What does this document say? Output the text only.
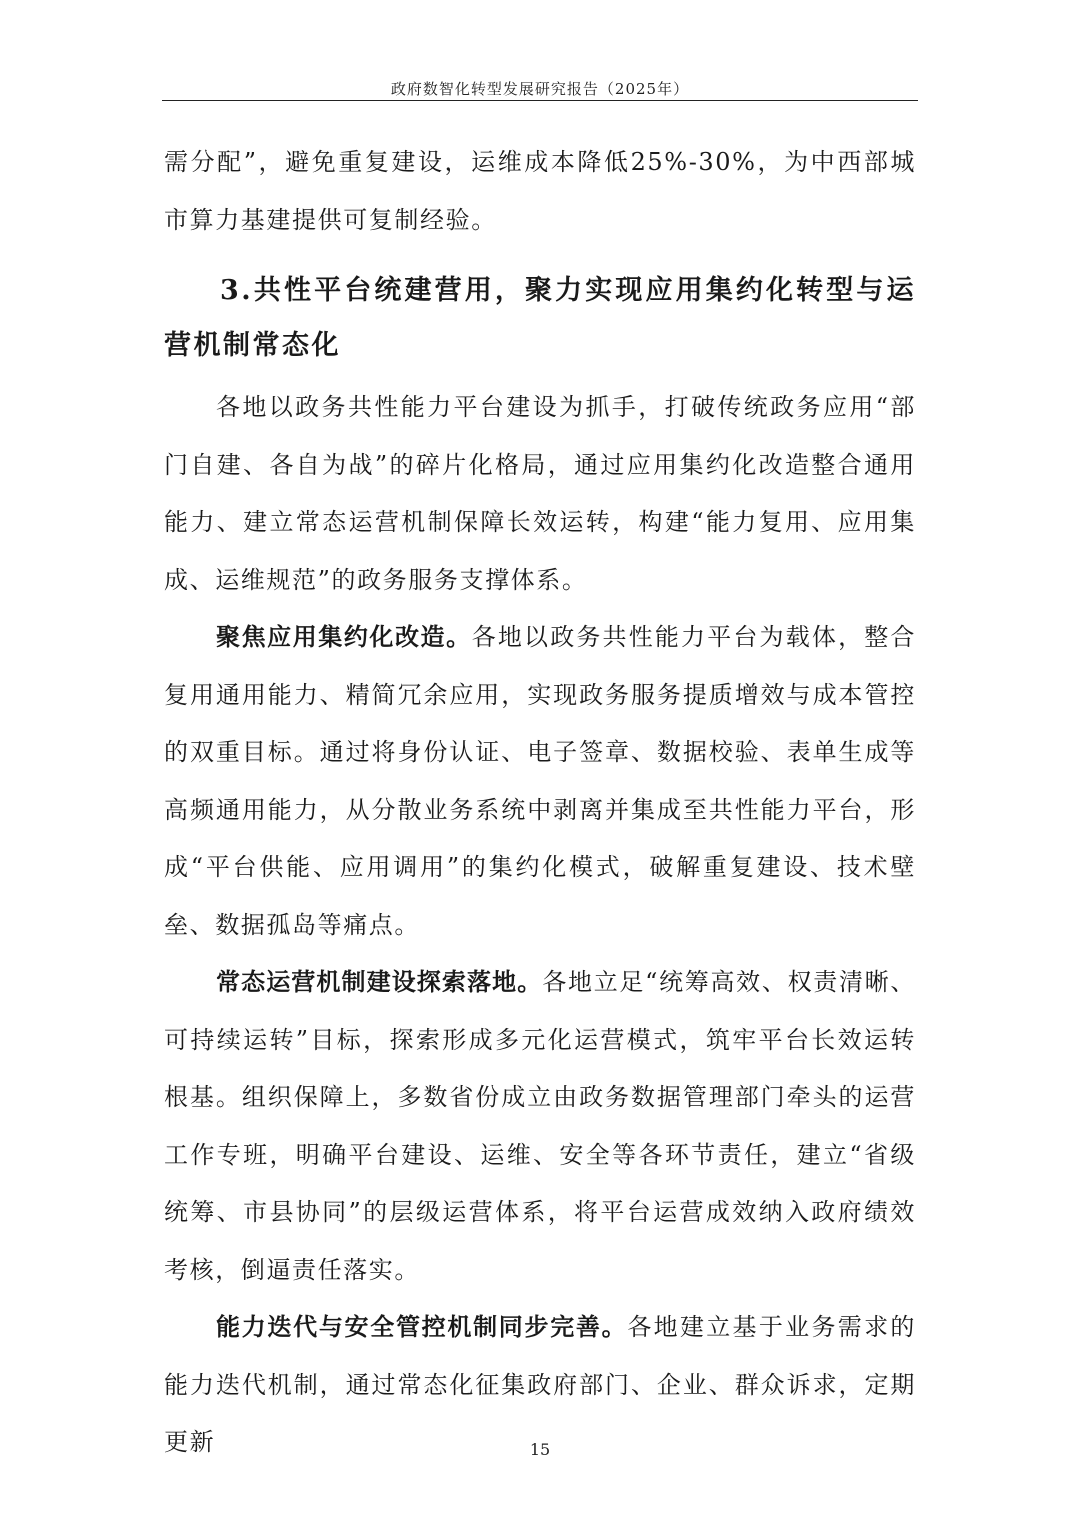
政府数智化转型发展研究报告（2025年）

需分配”，避免重复建设，运维成本降低25%-30%，为中西部城市算力基建提供可复制经验。

3.共性平台统建营用，聚力实现应用集约化转型与运营机制常态化

各地以政务共性能力平台建设为抓手，打破传统政务应用“部门自建、各自为战”的碎片化格局，通过应用集约化改造整合通用能力、建立常态运营机制保障长效运转，构建“能力复用、应用集成、运维规范”的政务服务支撑体系。

聚焦应用集约化改造。各地以政务共性能力平台为载体，整合复用通用能力、精简冗余应用，实现政务服务提质增效与成本管控的双重目标。通过将身份认证、电子签章、数据校验、表单生成等高频通用能力，从分散业务系统中剥离并集成至共性能力平台，形成“平台供能、应用调用”的集约化模式，破解重复建设、技术壁垒、数据孤岛等痛点。

常态运营机制建设探索落地。各地立足“统筹高效、权责清晰、可持续运转”目标，探索形成多元化运营模式，筑牢平台长效运转根基。组织保障上，多数省份成立由政务数据管理部门牵头的运营工作专班，明确平台建设、运维、安全等各环节责任，建立“省级统筹、市县协同”的层级运营体系，将平台运营成效纳入政府绩效考核，倒逼责任落实。

能力迭代与安全管控机制同步完善。各地建立基于业务需求的能力迭代机制，通过常态化征集政府部门、企业、群众诉求，定期更新	15
